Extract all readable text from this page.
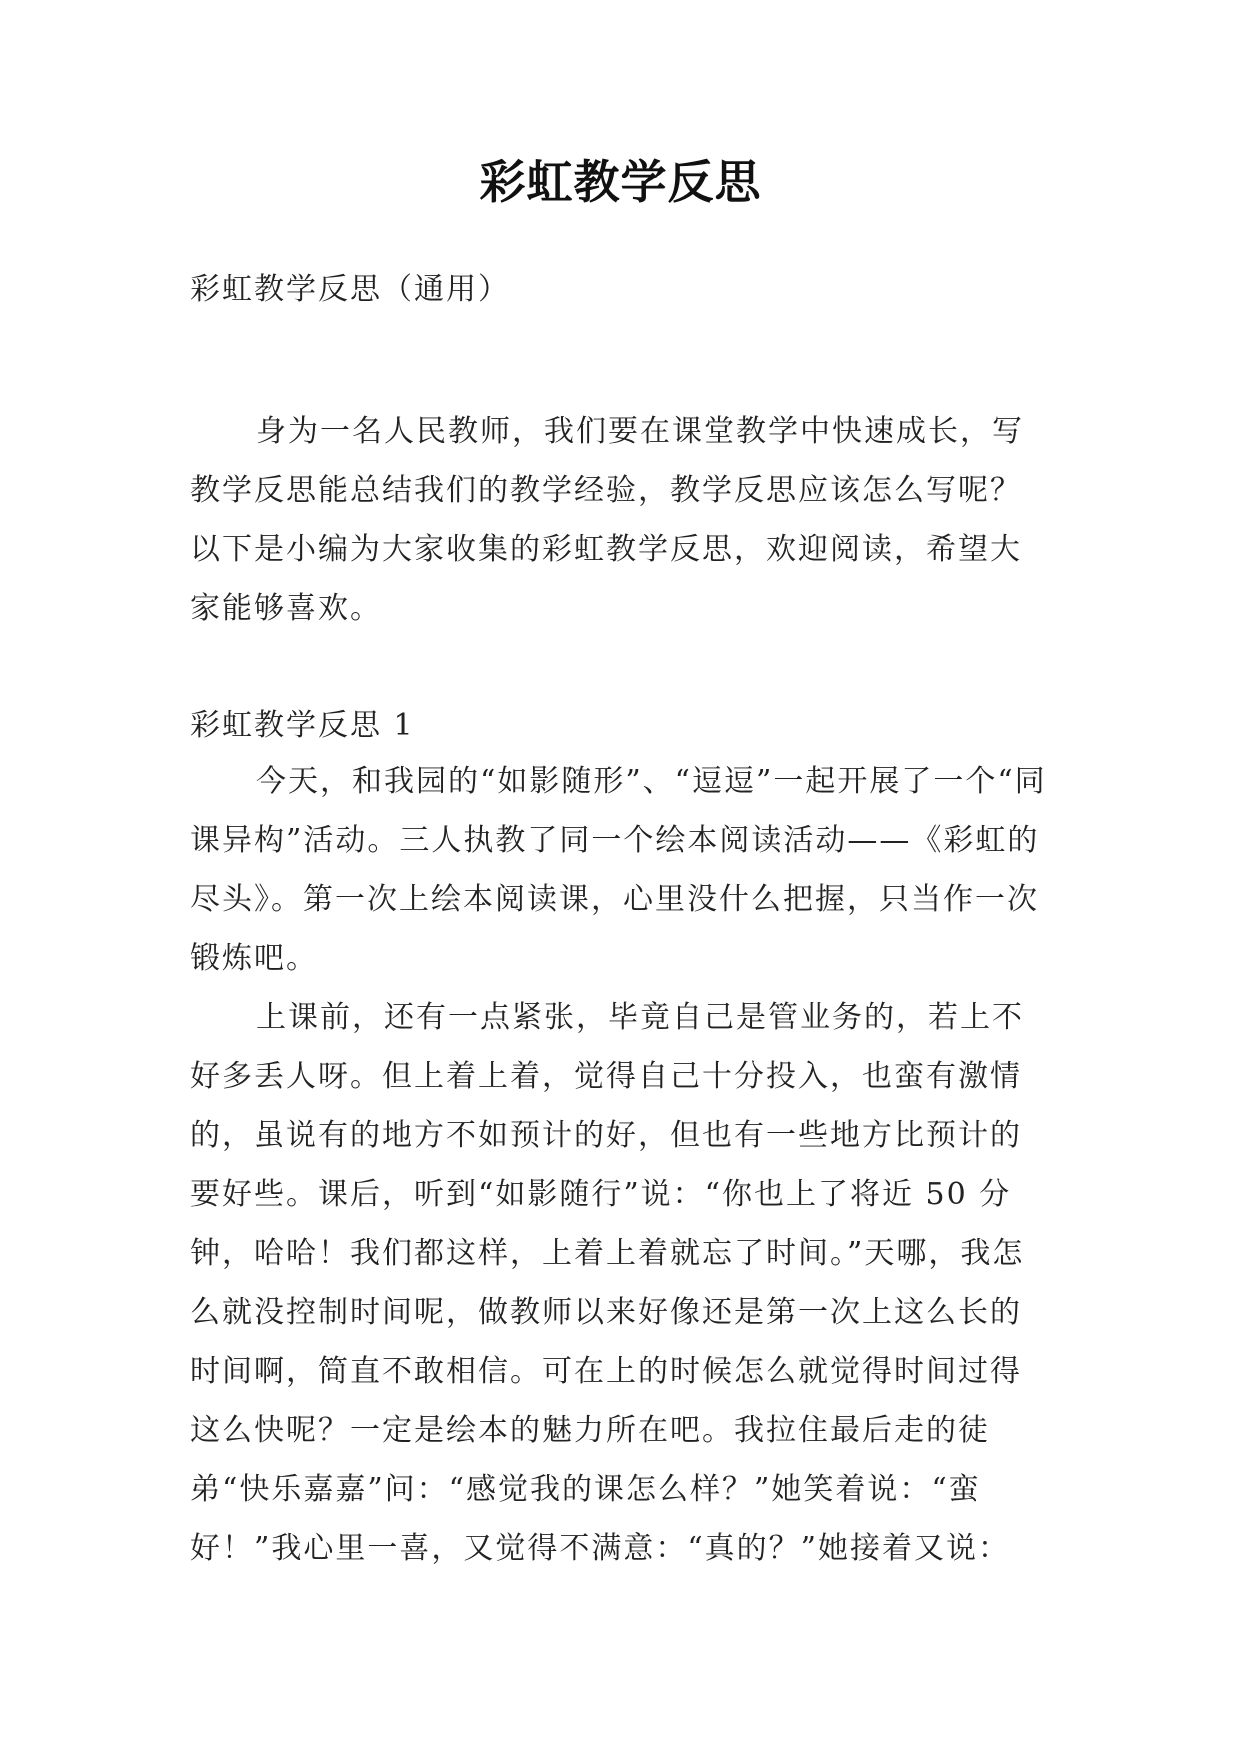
彩虹教学反思
彩虹教学反思（通用）
身为一名人民教师，我们要在课堂教学中快速成长，写教学反思能总结我们的教学经验，教学反思应该怎么写呢？以下是小编为大家收集的彩虹教学反思，欢迎阅读，希望大家能够喜欢。
彩虹教学反思 1

今天，和我园的“如影随形”、“逗逗”一起开展了一个“同课异构”活动。三人执教了同一个绘本阅读活动——《彩虹的尽头》。第一次上绘本阅读课，心里没什么把握，只当作一次锻炼吧。

上课前，还有一点紧张，毕竟自己是管业务的，若上不好多丢人呀。但上着上着，觉得自己十分投入，也蛮有激情的，虽说有的地方不如预计的好，但也有一些地方比预计的要好些。课后，听到“如影随行”说：“你也上了将近 50 分钟，哈哈！我们都这样，上着上着就忘了时间。”天哪，我怎么就没控制时间呢，做教师以来好像还是第一次上这么长的时间啊，简直不敢相信。可在上的时候怎么就觉得时间过得这么快呢？一定是绘本的魅力所在吧。我拉住最后走的徒弟“快乐嘉嘉”问：“感觉我的课怎么样？”她笑着说：“蛮好！”我心里一喜，又觉得不满意：“真的？”她接着又说：
